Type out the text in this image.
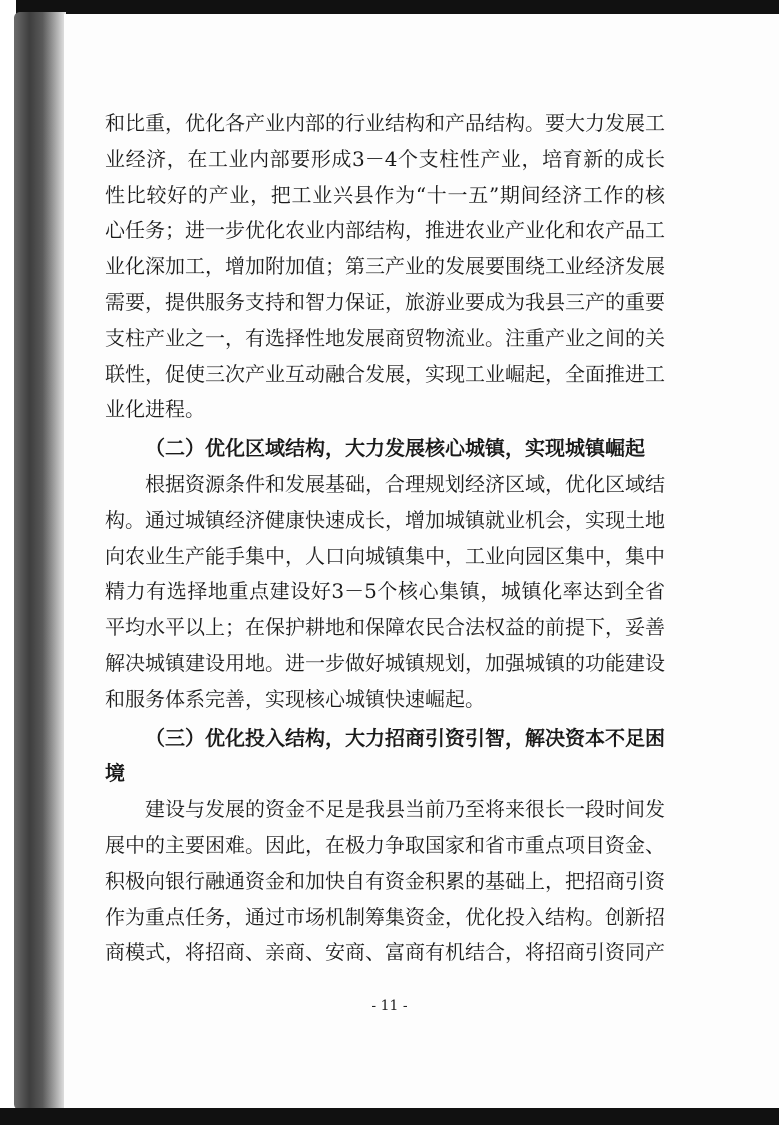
和比重，优化各产业内部的行业结构和产品结构。要大力发展工业经济，在工业内部要形成3－4个支柱性产业，培育新的成长性比较好的产业，把工业兴县作为“十一五”期间经济工作的核心任务；进一步优化农业内部结构，推进农业产业化和农产品工业化深加工，增加附加值；第三产业的发展要围绕工业经济发展需要，提供服务支持和智力保证，旅游业要成为我县三产的重要支柱产业之一，有选择性地发展商贸物流业。注重产业之间的关联性，促使三次产业互动融合发展，实现工业崛起，全面推进工业化进程。

（二）优化区域结构，大力发展核心城镇，实现城镇崛起

根据资源条件和发展基础，合理规划经济区域，优化区域结构。通过城镇经济健康快速成长，增加城镇就业机会，实现土地向农业生产能手集中，人口向城镇集中，工业向园区集中，集中精力有选择地重点建设好3－5个核心集镇，城镇化率达到全省平均水平以上；在保护耕地和保障农民合法权益的前提下，妥善解决城镇建设用地。进一步做好城镇规划，加强城镇的功能建设和服务体系完善，实现核心城镇快速崛起。

（三）优化投入结构，大力招商引资引智，解决资本不足困境

建设与发展的资金不足是我县当前乃至将来很长一段时间发展中的主要困难。因此，在极力争取国家和省市重点项目资金、积极向银行融通资金和加快自有资金积累的基础上，把招商引资作为重点任务，通过市场机制筹集资金，优化投入结构。创新招商模式，将招商、亲商、安商、富商有机结合，将招商引资同产

- 11 -
